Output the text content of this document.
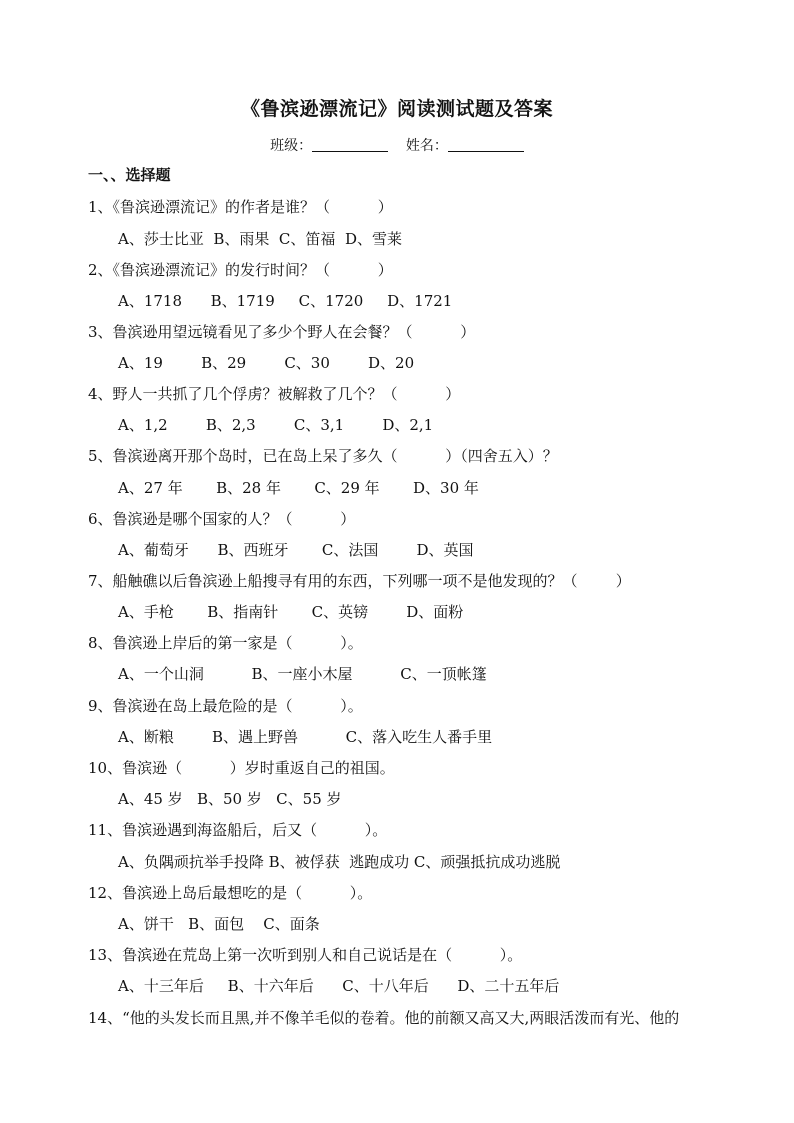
《鲁滨逊漂流记》阅读测试题及答案
班级：	姓名：
一、、选择题
1、《鲁滨逊漂流记》的作者是谁？（          ）
A、莎士比亚  B、雨果  C、笛福  D、雪莱
2、《鲁滨逊漂流记》的发行时间？（          ）
A、1718      B、1719     C、1720     D、1721
3、鲁滨逊用望远镜看见了多少个野人在会餐？（          ）
A、19        B、29        C、30        D、20
4、野人一共抓了几个俘虏？被解救了几个？（          ）
A、1,2        B、2,3        C、3,1        D、2,1
5、鲁滨逊离开那个岛时，已在岛上呆了多久（          ）（四舍五入）？
A、27 年       B、28 年       C、29 年       D、30 年
6、鲁滨逊是哪个国家的人？（          ）
A、葡萄牙      B、西班牙       C、法国        D、英国
7、船触礁以后鲁滨逊上船搜寻有用的东西，下列哪一项不是他发现的？（        ）
A、手枪       B、指南针       C、英镑        D、面粉
8、鲁滨逊上岸后的第一家是（          ）。
A、一个山洞          B、一座小木屋          C、一顶帐篷
9、鲁滨逊在岛上最危险的是（          ）。
A、断粮        B、遇上野兽          C、落入吃生人番手里
10、鲁滨逊（          ）岁时重返自己的祖国。
A、45 岁   B、50 岁   C、55 岁
11、鲁滨逊遇到海盗船后，后又（          ）。
A、负隅顽抗举手投降 B、被俘获  逃跑成功 C、顽强抵抗成功逃脱
12、鲁滨逊上岛后最想吃的是（          ）。
A、饼干   B、面包    C、面条
13、鲁滨逊在荒岛上第一次听到别人和自己说话是在（          ）。
A、十三年后     B、十六年后      C、十八年后      D、二十五年后
14、“他的头发长而且黑,并不像羊毛似的卷着。他的前额又高又大,两眼活泼而有光、他的
